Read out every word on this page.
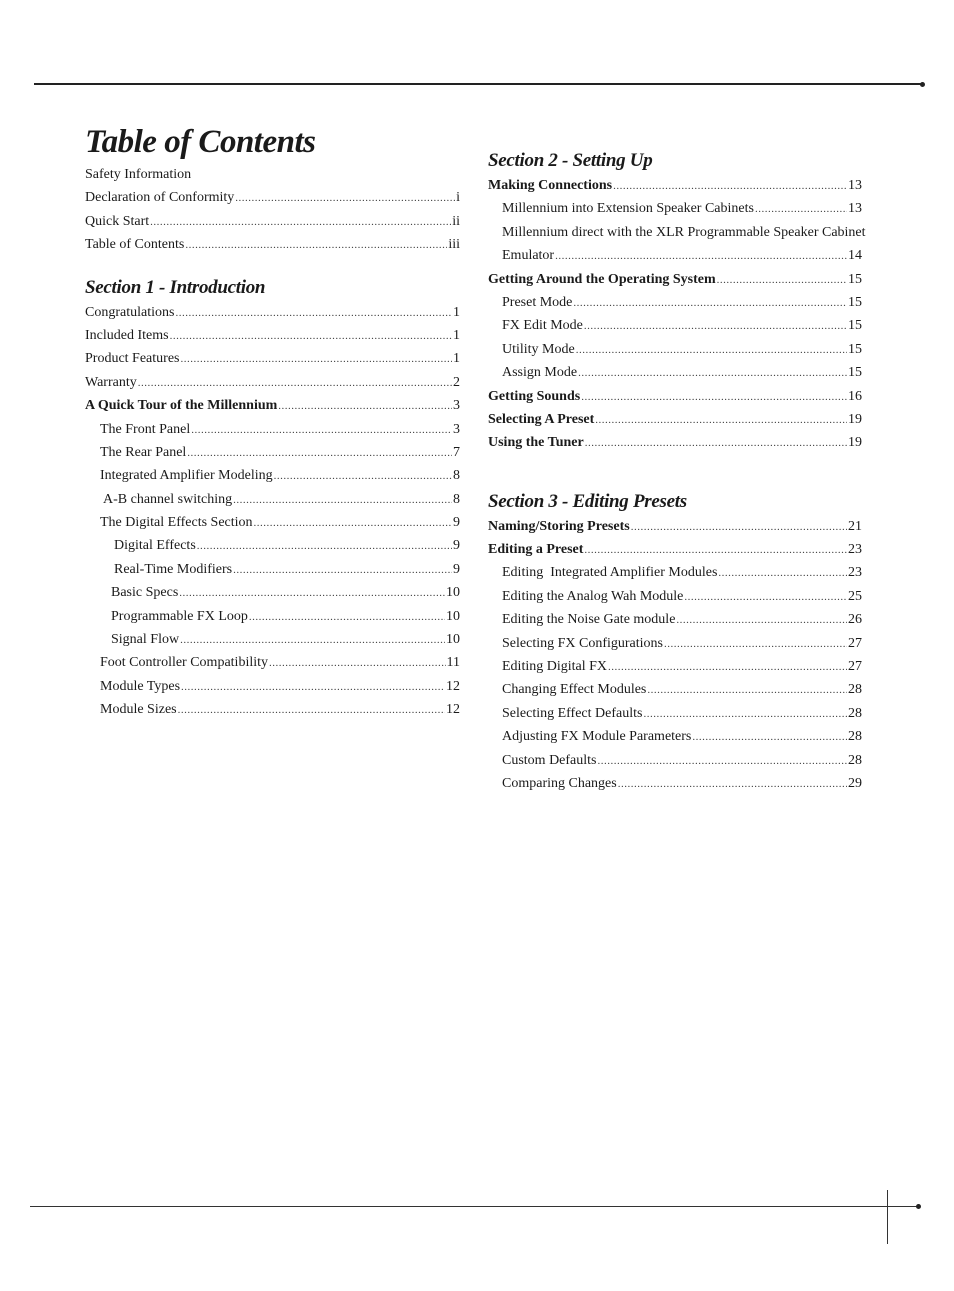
Table of Contents
Safety Information
Declaration of Conformity .....	i
Quick Start .....	ii
Table of Contents .....	iii
Section 1 - Introduction
Congratulations .....	1
Included Items .....	1
Product Features .....	1
Warranty .....	2
A Quick Tour of the Millennium .....	3
The Front Panel .....	3
The Rear Panel .....	7
Integrated Amplifier Modeling .....	8
A-B channel switching .....	8
The Digital Effects Section .....	9
Digital Effects .....	9
Real-Time Modifiers .....	9
Basic Specs .....	10
Programmable FX Loop .....	10
Signal Flow .....	10
Foot Controller Compatibility .....	11
Module Types .....	12
Module Sizes .....	12
Section 2 - Setting Up
Making Connections .....	13
Millennium into Extension Speaker Cabinets .....	13
Millennium direct with the XLR Programmable Speaker Cabinet
Emulator .....	14
Getting Around the Operating System .....	15
Preset Mode .....	15
FX Edit Mode .....	15
Utility Mode .....	15
Assign Mode .....	15
Getting Sounds .....	16
Selecting A Preset .....	19
Using the Tuner .....	19
Section 3 - Editing Presets
Naming/Storing Presets .....	21
Editing a Preset .....	23
Editing  Integrated Amplifier Modules .....	23
Editing the Analog Wah Module .....	25
Editing the Noise Gate module .....	26
Selecting FX Configurations .....	27
Editing Digital FX .....	27
Changing Effect Modules .....	28
Selecting Effect Defaults .....	28
Adjusting FX Module Parameters .....	28
Custom Defaults .....	28
Comparing Changes .....	29
